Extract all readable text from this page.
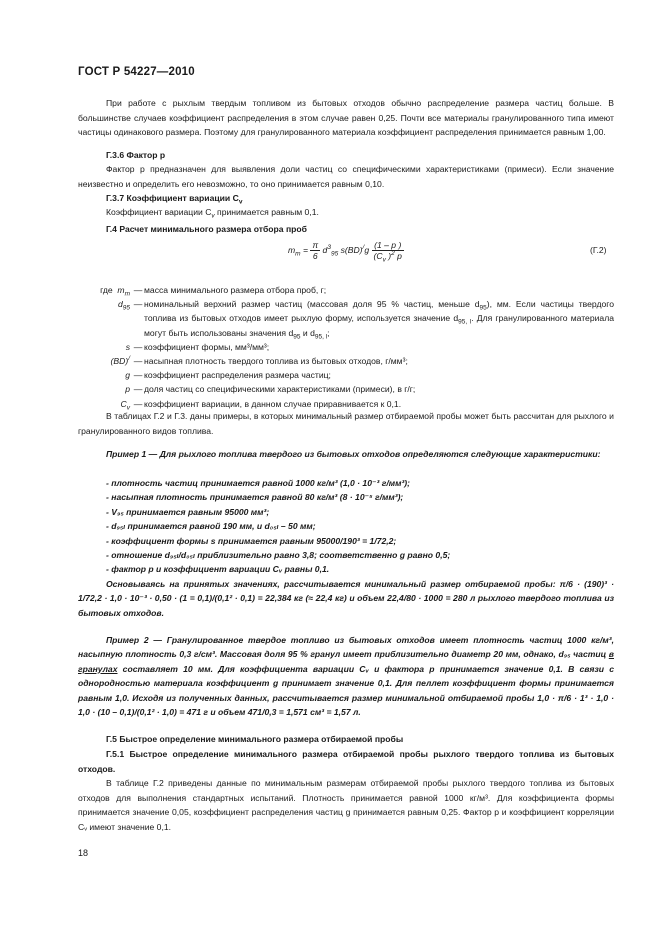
ГОСТ Р 54227—2010
При работе с рыхлым твердым топливом из бытовых отходов обычно распределение размера частиц больше. В большинстве случаев коэффициент распределения в этом случае равен 0,25. Почти все материалы гранулированного типа имеют частицы одинакового размера. Поэтому для гранулированного материала коэффициент распределения принимается равным 1,00.
Г.3.6 Фактор p
Фактор p предназначен для выявления доли частиц со специфическими характеристиками (примеси). Если значение неизвестно и определить его невозможно, то оно принимается равным 0,10.
Г.3.7 Коэффициент вариации $C_v$
Коэффициент вариации $C_v$ принимается равным 0,1.
Г.4 Расчет минимального размера отбора проб
$m_m = \frac{\pi}{6} d^3_{95}$ $s(BD)^/g \frac{(1 - p )}{(C_v )^2 p}$	(Г.2)
где $m_m$ — масса минимального размера отбора проб, г;
$d_{95}$ — номинальный верхний размер частиц (массовая доля 95 % частиц, меньше $d_{95}$), мм. Если частицы твердого топлива из бытовых отходов имеет рыхлую форму, используется значение $d_{95, l}$. Для гранулированного материала могут быть использованы значения $d_{95}$ и $d_{95, l}$;
s — коэффициент формы, мм³/мм³;
(BD)/ — насыпная плотность твердого топлива из бытовых отходов, г/мм³;
g — коэффициент распределения размера частиц;
p — доля частиц со специфическими характеристиками (примеси), в г/г;
$C_v$ — коэффициент вариации, в данном случае приравнивается к 0,1.
В таблицах Г.2 и Г.3. даны примеры, в которых минимальный размер отбираемой пробы может быть рассчитан для рыхлого и гранулированного видов топлива.
Пример 1 — Для рыхлого топлива твердого из бытовых отходов определяются следующие характеристики:
- плотность частиц принимается равной 1000 кг/м³ (1,0 · 10⁻³ г/мм³);
- насыпная плотность принимается равной 80 кг/м³ (8 · 10⁻⁵ г/мм³);
- V₉₅ принимается равным 95000 мм³;
- d₉₅ₗ принимается равной 190 мм, и d₀₅ₗ – 50 мм;
- коэффициент формы s принимается равным 95000/190³ = 1/72,2;
- отношение d₉₅ₗ/d₀₅ₗ приблизительно равно 3,8; соответственно g равно 0,5;
- фактор p и коэффициент вариации Cᵥ равны 0,1.
Основываясь на принятых значениях, рассчитывается минимальный размер отбираемой пробы: π/6 · (190)³ · 1/72,2 · 1,0 · 10⁻³ · 0,50 · (1 = 0,1)/(0,1² · 0,1) = 22,384 кг (≈ 22,4 кг) и объем 22,4/80 · 1000 = 280 л рыхлого твердого топлива из бытовых отходов.
Пример 2 — Гранулированное твердое топливо из бытовых отходов имеет плотность частиц 1000 кг/м³, насыпную плотность 0,3 г/см³. Массовая доля 95 % гранул имеет приблизительно диаметр 20 мм, однако, d₉₅ частиц в гранулах составляет 10 мм. Для коэффициента вариации Cᵥ и фактора p принимается значение 0,1. В связи с однородностью материала коэффициент g принимает значение 0,1. Для пеллет коэффициент формы принимается равным 1,0. Исходя из полученных данных, рассчитывается размер минимальной отбираемой пробы 1,0 · π/6 · 1³ · 1,0 · 1,0 · (10 – 0,1)/(0,1² · 1,0) = 471 г и объем 471/0,3 = 1,571 см³ = 1,57 л.
Г.5 Быстрое определение минимального размера отбираемой пробы
Г.5.1 Быстрое определение минимального размера отбираемой пробы рыхлого твердого топлива из бытовых отходов.
В таблице Г.2 приведены данные по минимальным размерам отбираемой пробы рыхлого твердого топлива из бытовых отходов для выполнения стандартных испытаний. Плотность принимается равной 1000 кг/м³. Для коэффициента формы принимается значение 0,05, коэффициент распределения частиц g принимается равным 0,25. Фактор p и коэффициент корреляции Cᵥ имеют значение 0,1.
18
